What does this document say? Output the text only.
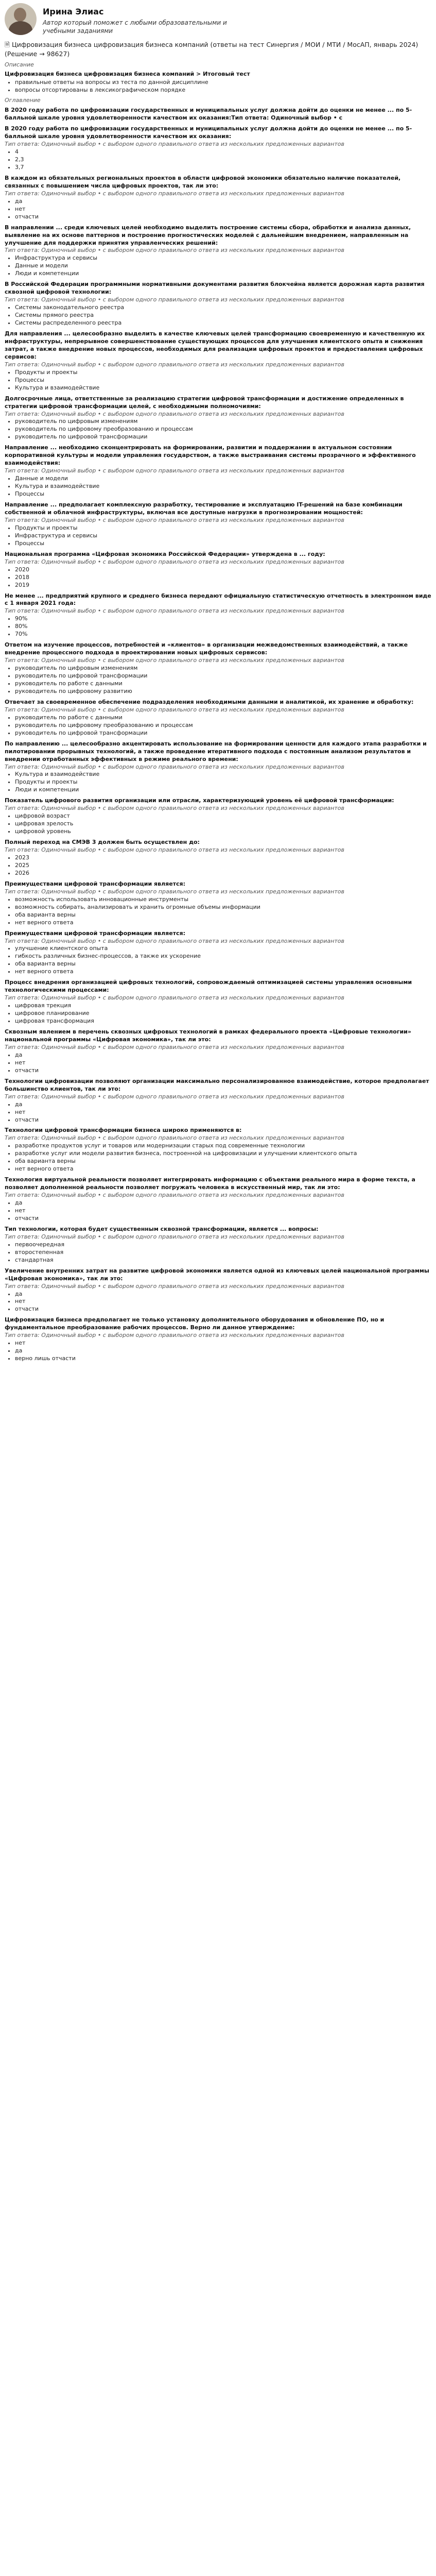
Ирина Элиас
Автор который поможет с любыми образовательными и
учебными заданиями
🗎 Цифровизация бизнеса цифровизация бизнеса компаний (ответы на тест Синергия / МОИ / МТИ / МосАП, январь 2024) (Решение → 98627)
Описание
Цифровизация бизнеса цифровизация бизнеса компаний > Итоговый тест
• правильные ответы на вопросы из теста по данной дисциплине
• вопросы отсортированы в лексикографическом порядке
Оглавление
В 2020 году работа по цифровизации государственных и муниципальных услуг должна дойти до оценки не менее ... по 5-балльной шкале уровня удовлетворенности качеством их оказания:Тип ответа: Одиночный выбор • с
В 2020 году работа по цифровизации государственных и муниципальных услуг должна дойти до оценки не менее ... по 5-балльной шкале уровня удовлетворенности качеством их оказания:
Тип ответа: Одиночный выбор • с выбором одного правильного ответа из нескольких предложенных вариантов
• 4
• 2,3
• 3,7
В каждом из обязательных региональных проектов в области цифровой экономики обязательно наличие показателей, связанных с повышением числа цифровых проектов, так ли это:
Тип ответа: Одиночный выбор • с выбором одного правильного ответа из нескольких предложенных вариантов
• да
• нет
• отчасти
В направлении ... среди ключевых целей необходимо выделить построение системы сбора, обработки и анализа данных, выявление на их основе паттернов и построение прогностических моделей с дальнейшим внедрением, направленным на улучшение для поддержки принятия управленческих решений:
Тип ответа: Одиночный выбор • с выбором одного правильного ответа из нескольких предложенных вариантов
• Инфраструктура и сервисы
• Данные и модели
• Люди и компетенции
В Российской Федерации программными нормативными документами развития блокчейна является дорожная карта развития сквозной цифровой технологии:
Тип ответа: Одиночный выбор • с выбором одного правильного ответа из нескольких предложенных вариантов
• Системы законодательного реестра
• Системы прямого реестра
• Системы распределенного реестра
Для направления ... целесообразно выделить в качестве ключевых целей трансформацию своевременную и качественную их инфраструктуры, непрерывное совершенствование существующих процессов для улучшения клиентского опыта и снижения затрат, а также внедрение новых процессов, необходимых для реализации цифровых проектов и предоставления цифровых сервисов:
Тип ответа: Одиночный выбор • с выбором одного правильного ответа из нескольких предложенных вариантов
• Продукты и проекты
• Процессы
• Культура и взаимодействие
Долгосрочные лица, ответственные за реализацию стратегии цифровой трансформации и достижение определенных в стратегии цифровой трансформации целей, с необходимыми полномочиями:
Тип ответа: Одиночный выбор • с выбором одного правильного ответа из нескольких предложенных вариантов
• руководитель по цифровым изменениям
• руководитель по цифровому преобразованию и процессам
• руководитель по цифровой трансформации
Направление ... необходимо сконцентрировать на формировании, развитии и поддержании в актуальном состоянии корпоративной культуры и модели управления государством, а также выстраивания системы прозрачного и эффективного взаимодействия:
Тип ответа: Одиночный выбор • с выбором одного правильного ответа из нескольких предложенных вариантов
• Данные и модели
• Культура и взаимодействие
• Процессы
Направление ... предполагает комплексную разработку, тестирование и эксплуатацию IT-решений на базе комбинации собственной и облачной инфраструктуры, включая все доступные нагрузки в прогнозировании мощностей:
Тип ответа: Одиночный выбор • с выбором одного правильного ответа из нескольких предложенных вариантов
• Продукты и проекты
• Инфраструктура и сервисы
• Процессы
Национальная программа «Цифровая экономика Российской Федерации» утверждена в ... году:
Тип ответа: Одиночный выбор • с выбором одного правильного ответа из нескольких предложенных вариантов
• 2020
• 2018
• 2019
Не менее ... предприятий крупного и среднего бизнеса передают официальную статистическую отчетность в электронном виде с 1 января 2021 года:
Тип ответа: Одиночный выбор • с выбором одного правильного ответа из нескольких предложенных вариантов
• 90%
• 80%
• 70%
Ответом на изучение процессов, потребностей и «клиентов» в организации межведомственных взаимодействий, а также внедрение процессного подхода в проектировании новых цифровых сервисов:
Тип ответа: Одиночный выбор • с выбором одного правильного ответа из нескольких предложенных вариантов
• руководитель по цифровым изменениям
• руководитель по цифровой трансформации
• руководитель по работе с данными
• руководитель по цифровому развитию
Отвечает за своевременное обеспечение подразделения необходимыми данными и аналитикой, их хранение и обработку:
Тип ответа: Одиночный выбор • с выбором одного правильного ответа из нескольких предложенных вариантов
• руководитель по работе с данными
• руководитель по цифровому преобразованию и процессам
• руководитель по цифровой трансформации
По направлению ... целесообразно акцентировать использование на формировании ценности для каждого этапа разработки и пилотировании прорывных технологий, а также проведение итеративного подхода с постоянным анализом результатов и внедрении отработанных эффективных в режиме реального времени:
Тип ответа: Одиночный выбор • с выбором одного правильного ответа из нескольких предложенных вариантов
• Культура и взаимодействие
• Продукты и проекты
• Люди и компетенции
Показатель цифрового развития организации или отрасли, характеризующий уровень её цифровой трансформации:
Тип ответа: Одиночный выбор • с выбором одного правильного ответа из нескольких предложенных вариантов
• цифровой возраст
• цифровая зрелость
• цифровой уровень
Полный переход на СМЭВ 3 должен быть осуществлен до:
Тип ответа: Одиночный выбор • с выбором одного правильного ответа из нескольких предложенных вариантов
• 2023
• 2025
• 2026
Преимуществами цифровой трансформации является:
Тип ответа: Одиночный выбор • с выбором одного правильного ответа из нескольких предложенных вариантов
• возможность использовать инновационные инструменты
• возможность собирать, анализировать и хранить огромные объемы информации
• оба варианта верны
• нет верного ответа
Преимуществами цифровой трансформации является:
Тип ответа: Одиночный выбор • с выбором одного правильного ответа из нескольких предложенных вариантов
• улучшение клиентского опыта
• гибкость различных бизнес-процессов, а также их ускорение
• оба варианта верны
• нет верного ответа
Процесс внедрения организацией цифровых технологий, сопровождаемый оптимизацией системы управления основными технологическими процессами:
Тип ответа: Одиночный выбор • с выбором одного правильного ответа из нескольких предложенных вариантов
• цифровая трекция
• цифровое планирование
• цифровая трансформация
Сквозным явлением в перечень сквозных цифровых технологий в рамках федерального проекта «Цифровые технологии» национальной программы «Цифровая экономика», так ли это:
Тип ответа: Одиночный выбор • с выбором одного правильного ответа из нескольких предложенных вариантов
• да
• нет
• отчасти
Технологии цифровизации позволяют организации максимально персонализированное взаимодействие, которое предполагает большинство клиентов, так ли это:
Тип ответа: Одиночный выбор • с выбором одного правильного ответа из нескольких предложенных вариантов
• да
• нет
• отчасти
Технологии цифровой трансформации бизнеса широко применяются в:
Тип ответа: Одиночный выбор • с выбором одного правильного ответа из нескольких предложенных вариантов
• разработке продуктов услуг и товаров или модернизации старых под современные технологии
• разработке услуг или модели развития бизнеса, построенной на цифровизации и улучшении клиентского опыта
• оба варианта верны
• нет верного ответа
Технология виртуальной реальности позволяет интегрировать информацию с объектами реального мира в форме текста, а позволяет дополненной реальности позволяет погружать человека в искусственный мир, так ли это:
Тип ответа: Одиночный выбор • с выбором одного правильного ответа из нескольких предложенных вариантов
• да
• нет
• отчасти
Тип технологии, которая будет существенным сквозной трансформации, является ... вопросы:
Тип ответа: Одиночный выбор • с выбором одного правильного ответа из нескольких предложенных вариантов
• первоочередная
• второстепенная
• стандартная
Увеличение внутренних затрат на развитие цифровой экономики является одной из ключевых целей национальной программы «Цифровая экономика», так ли это:
Тип ответа: Одиночный выбор • с выбором одного правильного ответа из нескольких предложенных вариантов
• да
• нет
• отчасти
Цифровизация бизнеса предполагает не только установку дополнительного оборудования и обновление ПО, но и фундаментальное преобразование рабочих процессов. Верно ли данное утверждение:
Тип ответа: Одиночный выбор • с выбором одного правильного ответа из нескольких предложенных вариантов
• нет
• да
• верно лишь отчасти
